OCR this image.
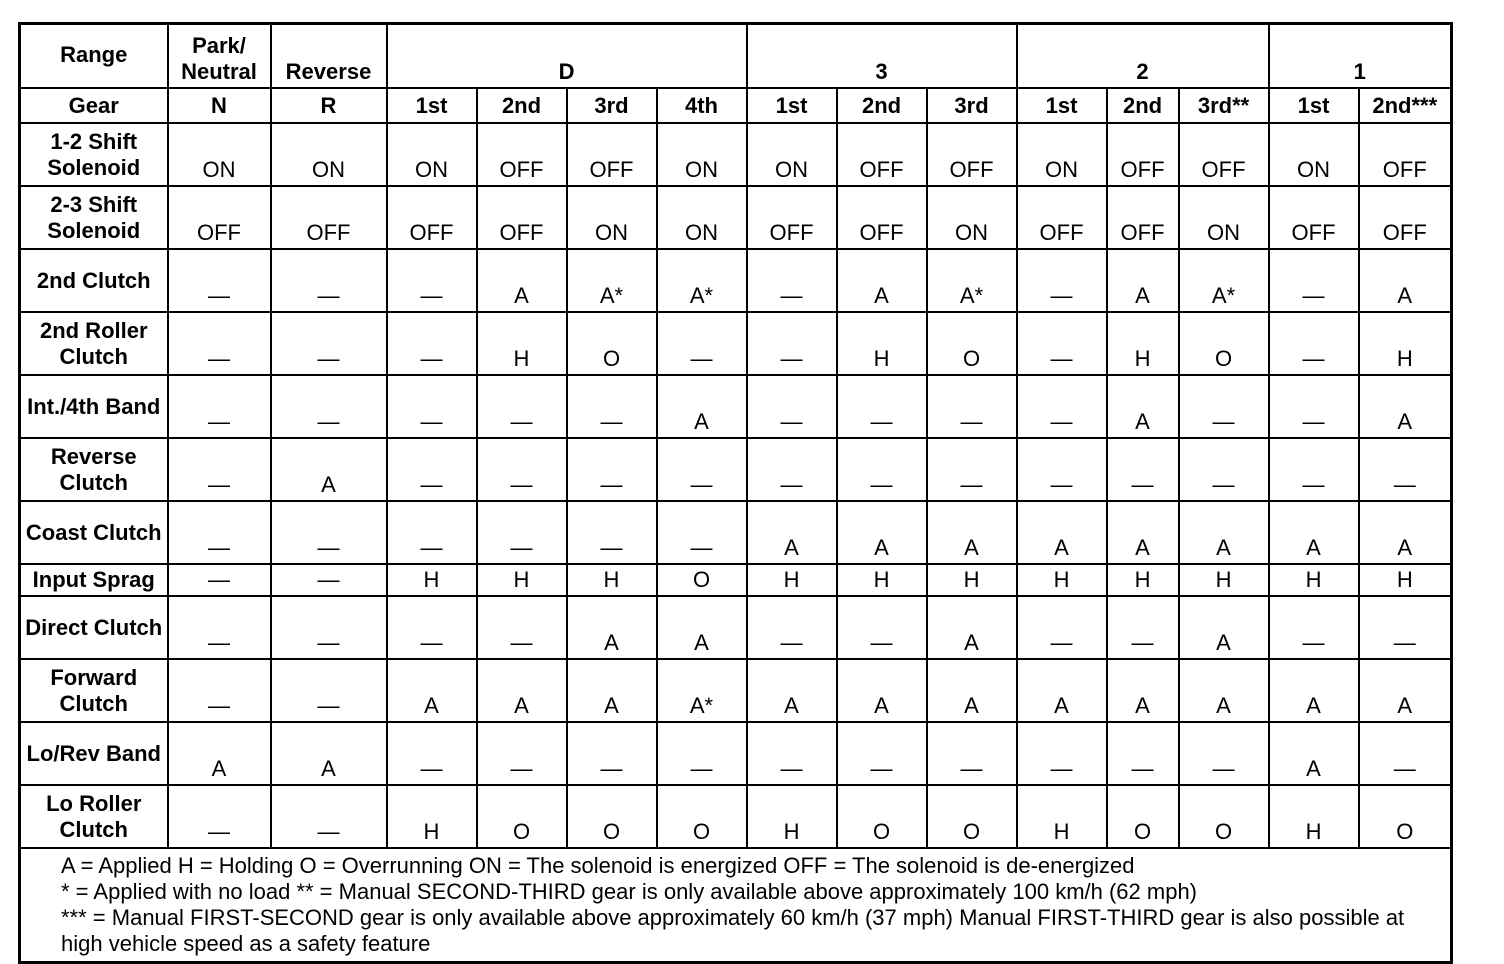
Range	Park/ Neutral	Reverse	D				3			2			1	
Gear	N	R	1st	2nd	3rd	4th	1st	2nd	3rd	1st	2nd	3rd**	1st	2nd***
1-2 Shift Solenoid	ON	ON	ON	OFF	OFF	ON	ON	OFF	OFF	ON	OFF	OFF	ON	OFF
2-3 Shift Solenoid	OFF	OFF	OFF	OFF	ON	ON	OFF	OFF	ON	OFF	OFF	ON	OFF	OFF
2nd Clutch	—	—	—	A	A*	A*	—	A	A*	—	A	A*	—	A
2nd Roller Clutch	—	—	—	H	O	—	—	H	O	—	H	O	—	H
Int./4th Band	—	—	—	—	—	A	—	—	—	—	A	—	—	A
Reverse Clutch	—	A	—	—	—	—	—	—	—	—	—	—	—	—
Coast Clutch	—	—	—	—	—	—	A	A	A	A	A	A	A	A
Input Sprag	—	—	H	H	H	O	H	H	H	H	H	H	H	H
Direct Clutch	—	—	—	—	A	A	—	—	A	—	—	A	—	—
Forward Clutch	—	—	A	A	A	A*	A	A	A	A	A	A	A	A
Lo/Rev Band	A	A	—	—	—	—	—	—	—	—	—	—	A	—
Lo Roller Clutch	—	—	H	O	O	O	H	O	O	H	O	O	H	O

A = Applied H = Holding O = Overrunning ON = The solenoid is energized OFF = The solenoid is de-energized
* = Applied with no load ** = Manual SECOND-THIRD gear is only available above approximately 100 km/h (62 mph)
*** = Manual FIRST-SECOND gear is only available above approximately 60 km/h (37 mph) Manual FIRST-THIRD gear is also possible at high vehicle speed as a safety feature														
